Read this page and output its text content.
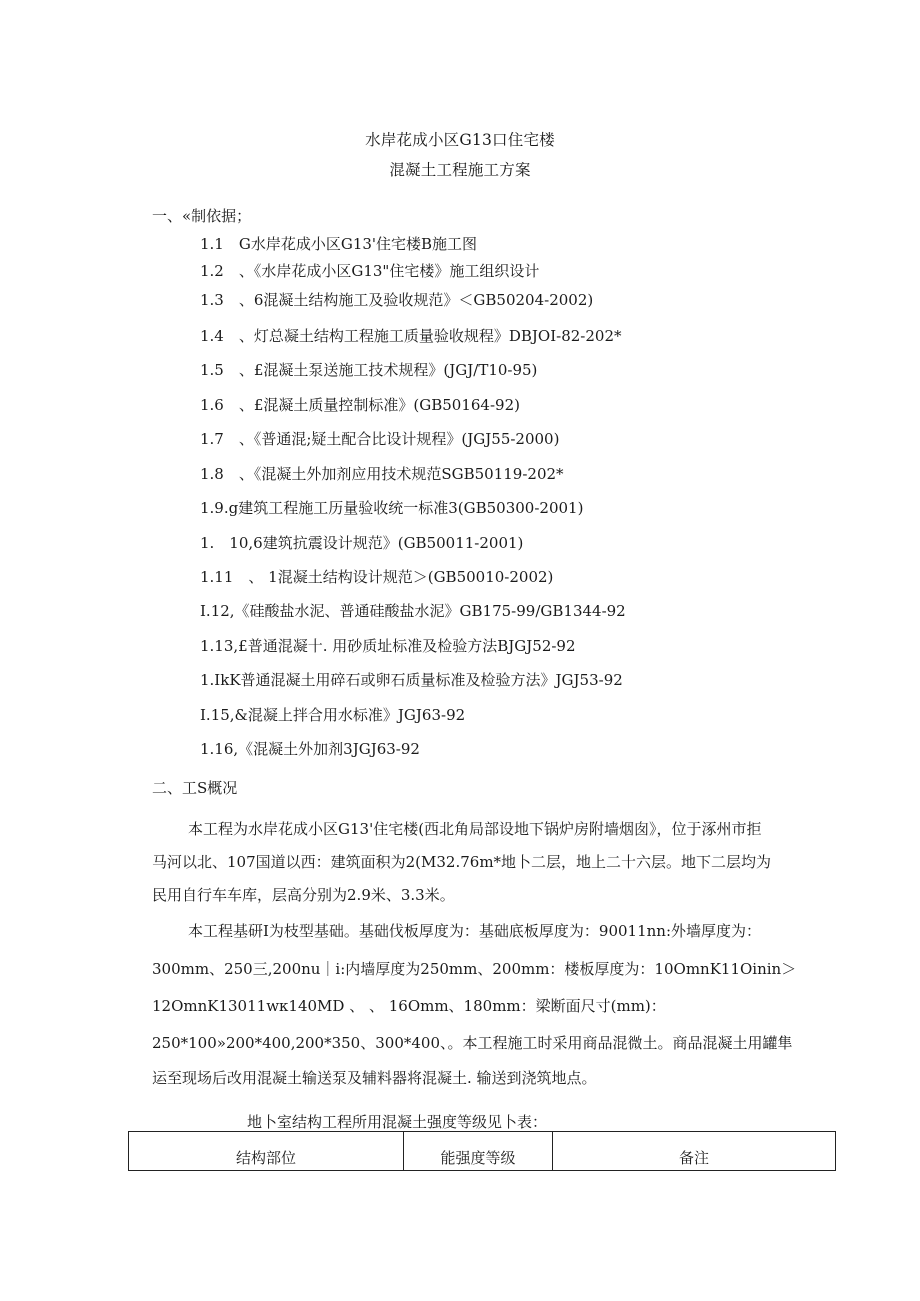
水岸花成小区G13口住宅楼
混凝土工程施工方案
一、«制依据；
1.1　G水岸花成小区G13'住宅楼B施工图
1.2　、《水岸花成小区G13"住宅楼》施工组织设计
1.3　、6混凝土结构施工及验收规范》＜GB50204-2002)
1.4　、灯总凝土结构工程施工质量验收规程》DBJOI-82-202*
1.5　、£混凝土泵送施工技术规程》(JGJ/T10-95)
1.6　、£混凝土质量控制标准》(GB50164-92)
1.7　、《普通混;疑土配合比设计规程》(JGJ55-2000)
1.8　、《混凝土外加剂应用技术规范SGB50119-202*
1.9.g建筑工程施工历量验收统一标准3(GB50300-2001)
1.　10,6建筑抗震设计规范》(GB50011-2001)
1.11　、 1混凝土结构设计规范＞(GB50010-2002)
I.12,《硅酸盐水泥、普通硅酸盐水泥》GB175-99/GB1344-92
1.13,£普通混凝十. 用砂质址标准及检验方法BJGJ52-92
1.IkK普通混凝土用碎石或卵石质量标准及检验方法》JGJ53-92
I.15,&混凝上拌合用水标准》JGJ63-92
1.16,《混凝土外加剂3JGJ63-92
二、工S概况
本工程为水岸花成小区G13'住宅楼(西北角局部设地下锅炉房附墙烟囱》，位于涿州市拒
马河以北、107国道以西：建筑面积为2(M32.76m*地卜二层，地上二十六层。地下二层均为
民用自行车车库，层高分别为2.9米、3.3米。
本工程基研I为枝型基础。基础伐板厚度为：基础底板厚度为：90011nn:外墙厚度为：
300mm、250三,200nu｜i:内墙厚度为250mm、200mm：楼板厚度为：10OmnK11Oinin＞
12OmnK13011wκ140MD 、 、 16Omm、180mm：梁断面尺寸(mm)：
250*100»200*400,200*350、300*400、。本工程施工时采用商品混微土。商品混凝土用罐隼
运至现场后改用混凝土输送泵及辅料器将混凝土. 输送到浇筑地点。
地卜室结构工程所用混凝土强度等级见卜表：
结构部位	能强度等级	备注
